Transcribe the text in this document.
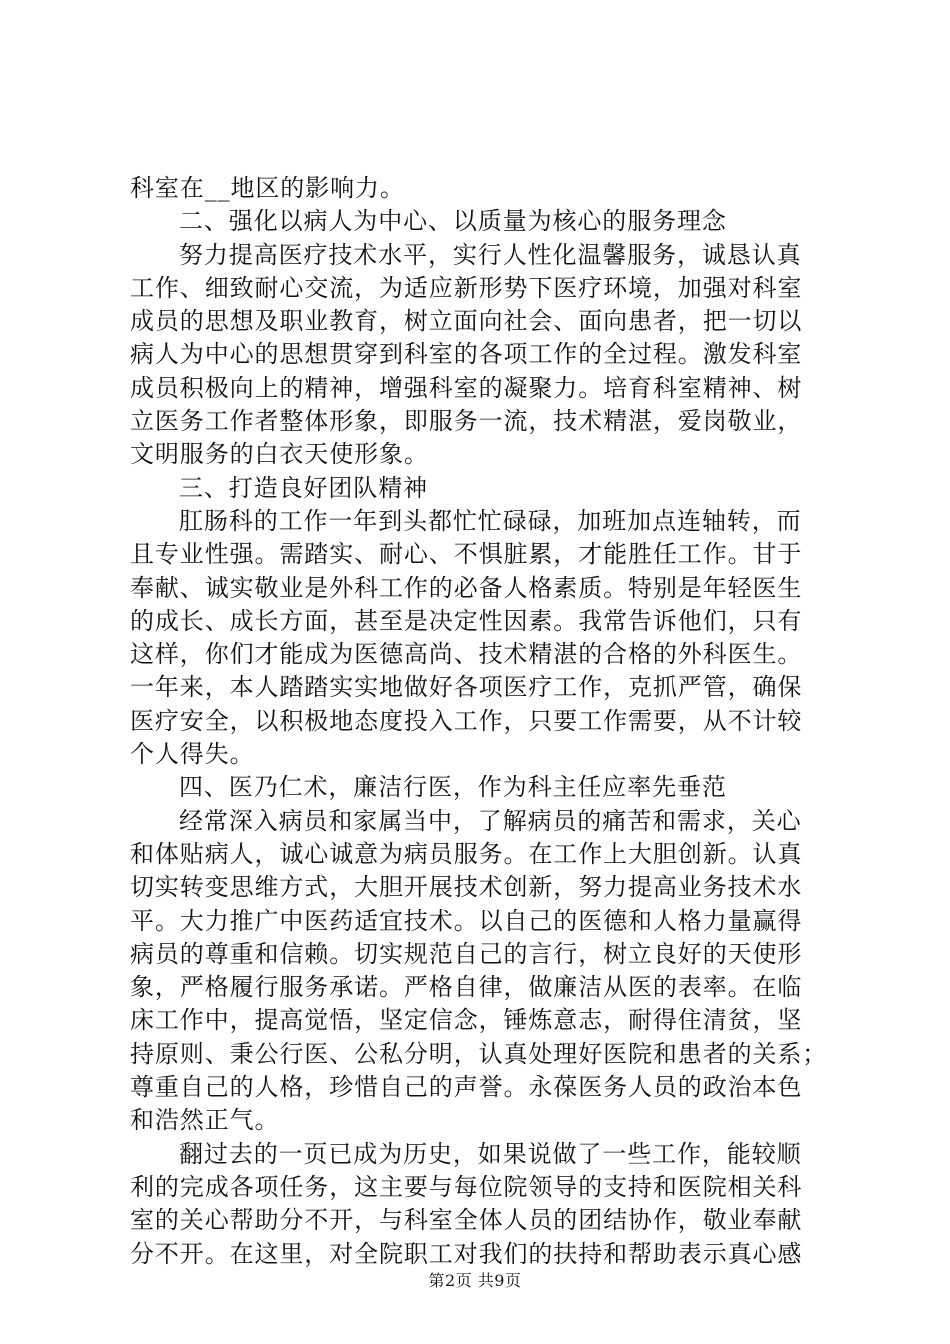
科室在__地区的影响力。
二、强化以病人为中心、以质量为核心的服务理念
努力提高医疗技术水平，实行人性化温馨服务，诚恳认真
工作、细致耐心交流，为适应新形势下医疗环境，加强对科室
成员的思想及职业教育，树立面向社会、面向患者，把一切以
病人为中心的思想贯穿到科室的各项工作的全过程。激发科室
成员积极向上的精神，增强科室的凝聚力。培育科室精神、树
立医务工作者整体形象，即服务一流，技术精湛，爱岗敬业，
文明服务的白衣天使形象。
三、打造良好团队精神
肛肠科的工作一年到头都忙忙碌碌，加班加点连轴转，而
且专业性强。需踏实、耐心、不惧脏累，才能胜任工作。甘于
奉献、诚实敬业是外科工作的必备人格素质。特别是年轻医生
的成长、成长方面，甚至是决定性因素。我常告诉他们，只有
这样，你们才能成为医德高尚、技术精湛的合格的外科医生。
一年来，本人踏踏实实地做好各项医疗工作，克抓严管，确保
医疗安全，以积极地态度投入工作，只要工作需要，从不计较
个人得失。
四、医乃仁术，廉洁行医，作为科主任应率先垂范
经常深入病员和家属当中，了解病员的痛苦和需求，关心
和体贴病人，诚心诚意为病员服务。在工作上大胆创新。认真
切实转变思维方式，大胆开展技术创新，努力提高业务技术水
平。大力推广中医药适宜技术。以自己的医德和人格力量赢得
病员的尊重和信赖。切实规范自己的言行，树立良好的天使形
象，严格履行服务承诺。严格自律，做廉洁从医的表率。在临
床工作中，提高觉悟，坚定信念，锤炼意志，耐得住清贫，坚
持原则、秉公行医、公私分明，认真处理好医院和患者的关系；
尊重自己的人格，珍惜自己的声誉。永葆医务人员的政治本色
和浩然正气。
翻过去的一页已成为历史，如果说做了一些工作，能较顺
利的完成各项任务，这主要与每位院领导的支持和医院相关科
室的关心帮助分不开，与科室全体人员的团结协作，敬业奉献
分不开。在这里，对全院职工对我们的扶持和帮助表示真心感
第2页 共9页
